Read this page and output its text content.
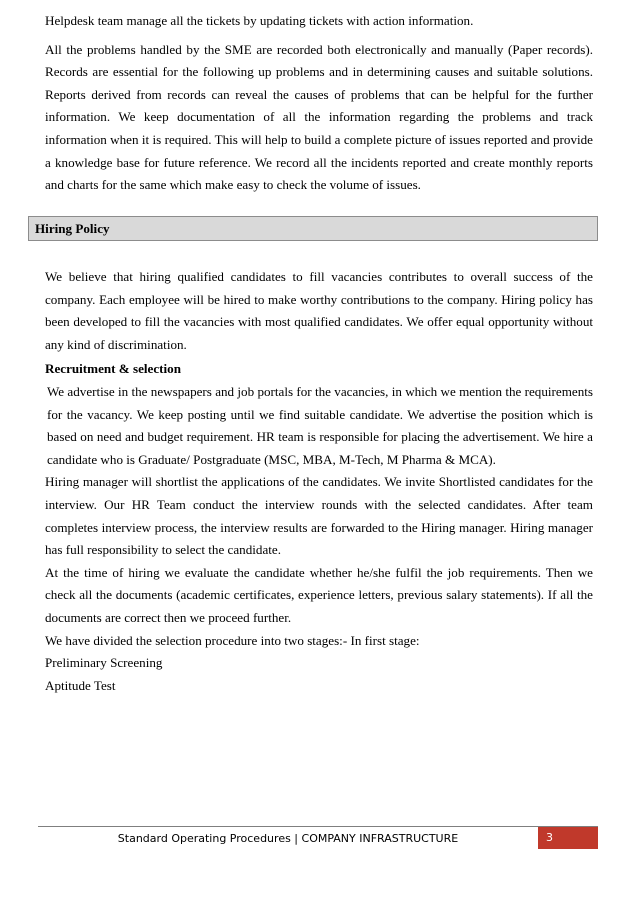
Helpdesk team manage all the tickets by updating tickets with action information.

All the problems handled by the SME are recorded both electronically and manually (Paper records). Records are essential for the following up problems and in determining causes and suitable solutions. Reports derived from records can reveal the causes of problems that can be helpful for the further information. We keep documentation of all the information regarding the problems and track information when it is required. This will help to build a complete picture of issues reported and provide a knowledge base for future reference. We record all the incidents reported and create monthly reports and charts for the same which make easy to check the volume of issues.

Hiring Policy

We believe that hiring qualified candidates to fill vacancies contributes to overall success of the company. Each employee will be hired to make worthy contributions to the company. Hiring policy has been developed to fill the vacancies with most qualified candidates. We offer equal opportunity without any kind of discrimination.

Recruitment & selection

We advertise in the newspapers and job portals for the vacancies, in which we mention the requirements for the vacancy. We keep posting until we find suitable candidate. We advertise the position which is based on need and budget requirement. HR team is responsible for placing the advertisement. We hire a candidate who is Graduate/ Postgraduate (MSC, MBA, M-Tech, M Pharma & MCA).

Hiring manager will shortlist the applications of the candidates. We invite Shortlisted candidates for the interview. Our HR Team conduct the interview rounds with the selected candidates. After team completes interview process, the interview results are forwarded to the Hiring manager. Hiring manager has full responsibility to select the candidate.

At the time of hiring we evaluate the candidate whether he/she fulfil the job requirements. Then we check all the documents (academic certificates, experience letters, previous salary statements). If all the documents are correct then we proceed further.

We have divided the selection procedure into two stages:- In first stage:

Preliminary Screening

Aptitude Test

Standard Operating Procedures | COMPANY INFRASTRUCTURE	3
